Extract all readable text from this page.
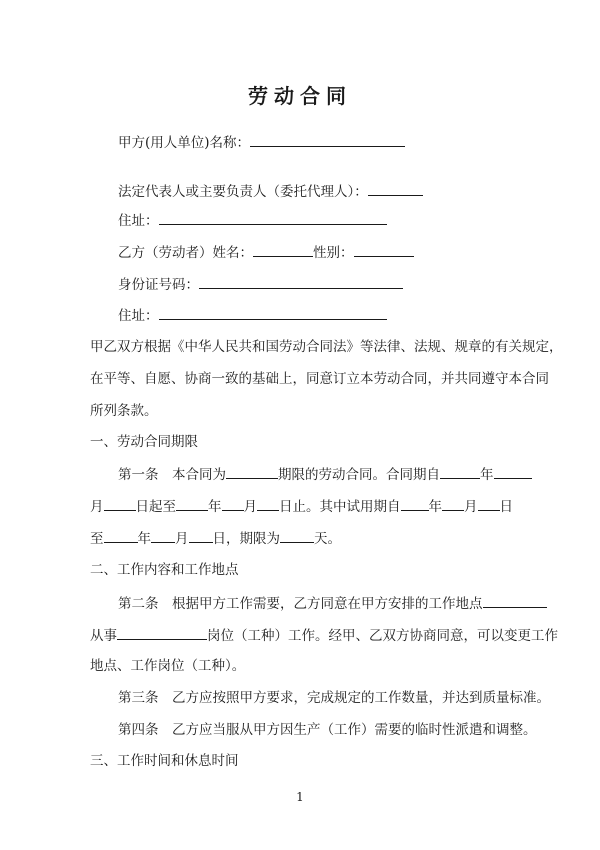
劳动合同
甲方(用人单位)名称：
法定代表人或主要负责人（委托代理人）：
住址：
乙方（劳动者）姓名：	性别：
身份证号码：
住址：
甲乙双方根据《中华人民共和国劳动合同法》等法律、法规、规章的有关规定，
在平等、自愿、协商一致的基础上，同意订立本劳动合同，并共同遵守本合同
所列条款。
一、劳动合同期限
第一条　本合同为	期限的劳动合同。合同期自	年
月 日起至 年 月 日止。其中试用期自 年 月 日
至	年 月 日，期限为	天。
二、工作内容和工作地点
第二条　根据甲方工作需要，乙方同意在甲方安排的工作地点
从事	岗位（工种）工作。经甲、乙双方协商同意，可以变更工作
地点、工作岗位（工种）。
第三条　乙方应按照甲方要求，完成规定的工作数量，并达到质量标准。
第四条　乙方应当服从甲方因生产（工作）需要的临时性派遣和调整。
三、工作时间和休息时间
1
